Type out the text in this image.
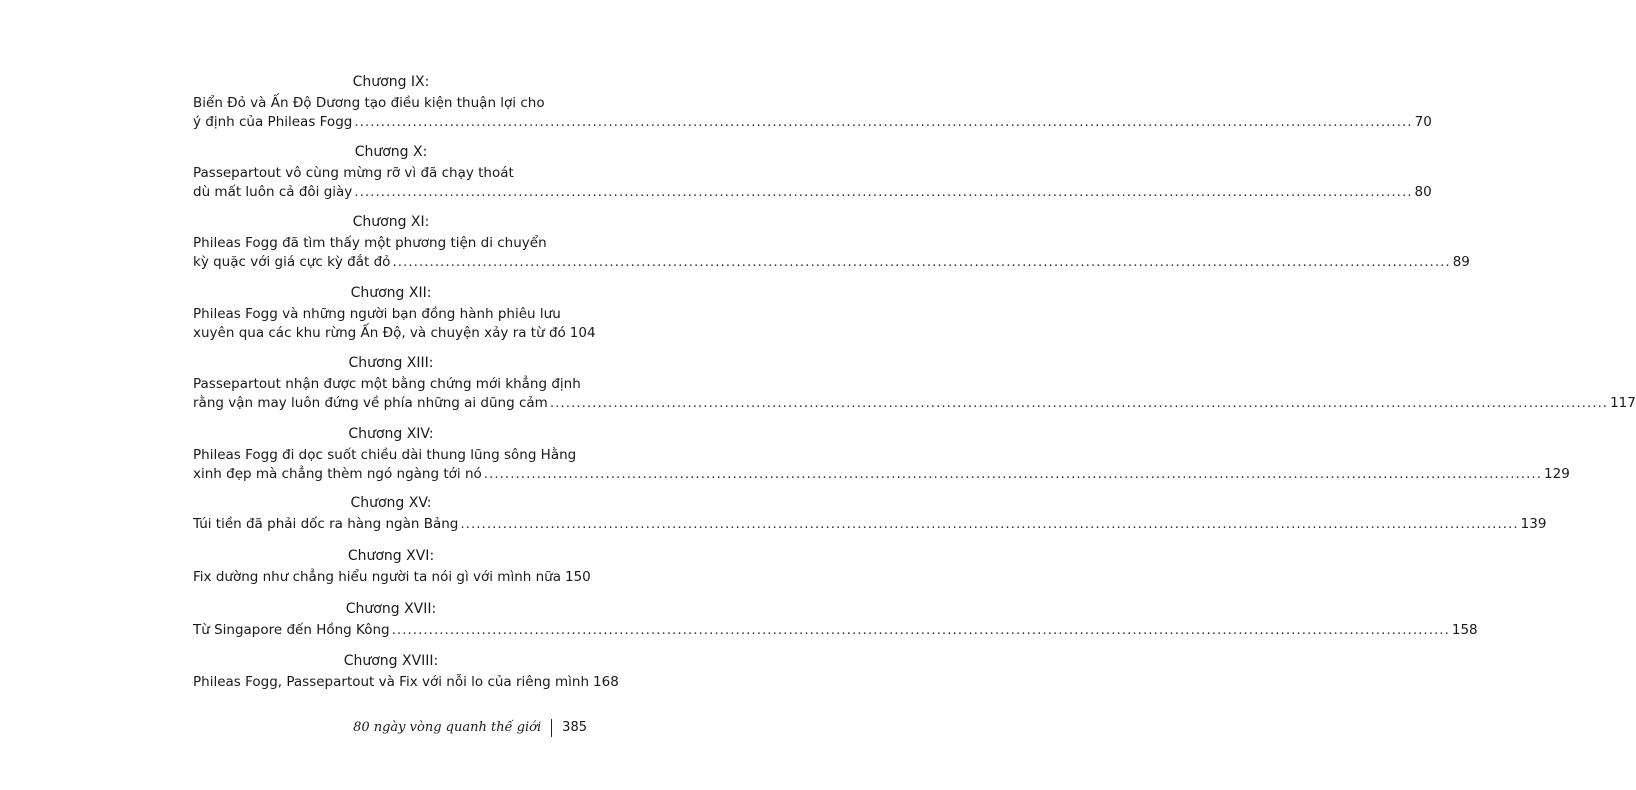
Chương IX:
Biển Đỏ và Ấn Độ Dương tạo điều kiện thuận lợi cho
ý định của Phileas Fogg ........................................................................................................................................................................................................ 70
Chương X:
Passepartout vô cùng mừng rỡ vì đã chạy thoát
dù mất luôn cả đôi giày ........................................................................................................................................................................................................ 80
Chương XI:
Phileas Fogg đã tìm thấy một phương tiện di chuyển
kỳ quặc với giá cực kỳ đắt đỏ ........................................................................................................................................................................................................ 89
Chương XII:
Phileas Fogg và những người bạn đồng hành phiêu lưu
xuyên qua các khu rừng Ấn Độ, và chuyện xảy ra từ đó 104
Chương XIII:
Passepartout nhận được một bằng chứng mới khẳng định
rằng vận may luôn đứng về phía những ai dũng cảm ........................................................................................................................................................................................................ 117
Chương XIV:
Phileas Fogg đi dọc suốt chiều dài thung lũng sông Hằng
xinh đẹp mà chẳng thèm ngó ngàng tới nó ........................................................................................................................................................................................................ 129
Chương XV:
Túi tiền đã phải dốc ra hàng ngàn Bảng ........................................................................................................................................................................................................ 139
Chương XVI:
Fix dường như chẳng hiểu người ta nói gì với mình nữa 150
Chương XVII:
Từ Singapore đến Hồng Kông ........................................................................................................................................................................................................ 158
Chương XVIII:
Phileas Fogg, Passepartout và Fix với nỗi lo của riêng mình 168
80 ngày vòng quanh thế giới 385
